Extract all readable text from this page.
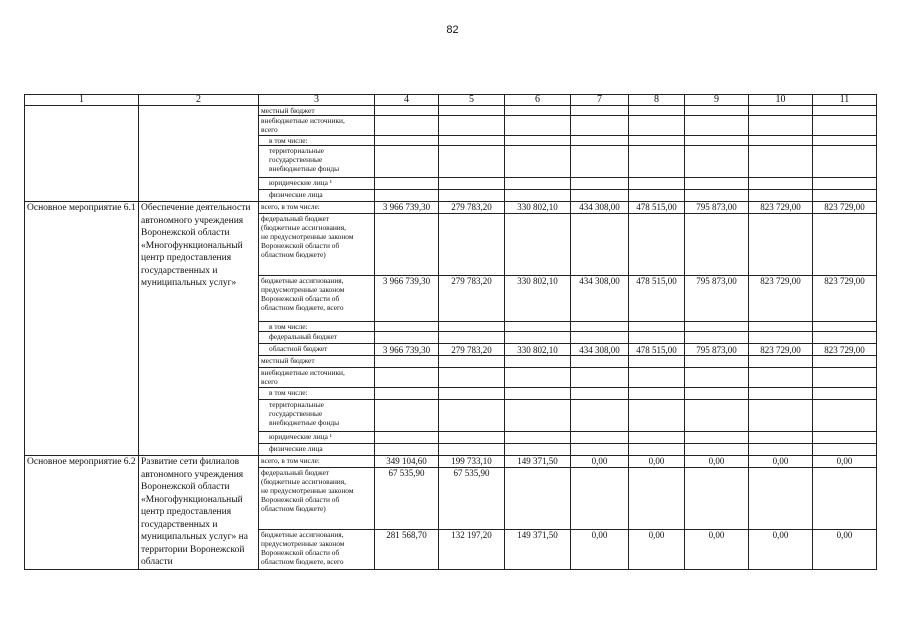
82
1	2	3	4	5	6	7	8	9	10	11
		местный бюджет								
		внебюджетные источники,
всего								
		в том числе:								
		территориальные
государственные
внебюджетные фонды								
		юридические лица ¹								
		физические лица								
Основное мероприятие 6.1	Обеспечение деятельности автономного учреждения Воронежской области «Многофункциональный центр предоставления государственных и муниципальных услуг»	всего, в том числе:	3 966 739,30	279 783,20	330 802,10	434 308,00	478 515,00	795 873,00	823 729,00	823 729,00
		федеральный бюджет
(бюджетные ассигнования,
не предусмотренные законом
Воронежской области об
областном бюджете)								
		бюджетные ассигнования,
предусмотренные законом
Воронежской области об
областном бюджете, всего	3 966 739,30	279 783,20	330 802,10	434 308,00	478 515,00	795 873,00	823 729,00	823 729,00
		в том числе:								
		федеральный бюджет								
		областной бюджет	3 966 739,30	279 783,20	330 802,10	434 308,00	478 515,00	795 873,00	823 729,00	823 729,00
		местный бюджет								
		внебюджетные источники,
всего								
		в том числе:								
		территориальные
государственные
внебюджетные фонды								
		юридические лица ¹								
		физические лица								
Основное мероприятие 6.2	Развитие сети филиалов автономного учреждения Воронежской области «Многофункциональный центр предоставления государственных и муниципальных услуг» на территории Воронежской области	всего, в том числе:	349 104,60	199 733,10	149 371,50	0,00	0,00	0,00	0,00	0,00
		федеральный бюджет
(бюджетные ассигнования,
не предусмотренные законом
Воронежской области об
областном бюджете)	67 535,90	67 535,90						
		бюджетные ассигнования,
предусмотренные законом
Воронежской области об
областном бюджете, всего	281 568,70	132 197,20	149 371,50	0,00	0,00	0,00	0,00	0,00
